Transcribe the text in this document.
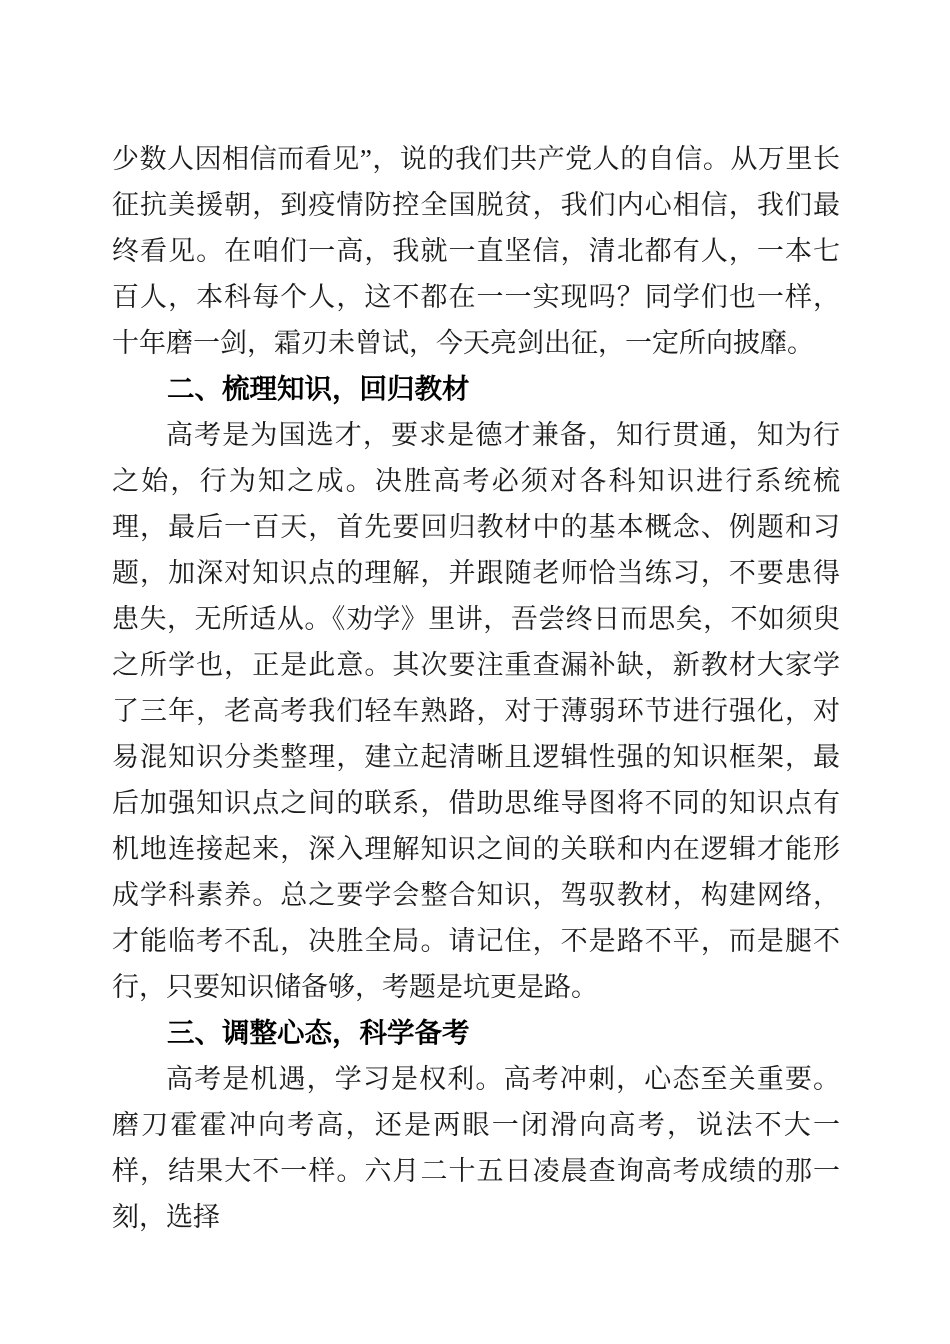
少数人因相信而看见”，说的我们共产党人的自信。从万里长征抗美援朝，到疫情防控全国脱贫，我们内心相信，我们最终看见。在咱们一高，我就一直坚信，清北都有人，一本七百人，本科每个人，这不都在一一实现吗？同学们也一样，十年磨一剑，霜刃未曾试，今天亮剑出征，一定所向披靡。

二、梳理知识，回归教材

高考是为国选才，要求是德才兼备，知行贯通，知为行之始，行为知之成。决胜高考必须对各科知识进行系统梳理，最后一百天，首先要回归教材中的基本概念、例题和习题，加深对知识点的理解，并跟随老师恰当练习，不要患得患失，无所适从。《劝学》里讲，吾尝终日而思矣，不如须臾之所学也，正是此意。其次要注重查漏补缺，新教材大家学了三年，老高考我们轻车熟路，对于薄弱环节进行强化，对易混知识分类整理，建立起清晰且逻辑性强的知识框架，最后加强知识点之间的联系，借助思维导图将不同的知识点有机地连接起来，深入理解知识之间的关联和内在逻辑才能形成学科素养。总之要学会整合知识，驾驭教材，构建网络，才能临考不乱，决胜全局。请记住，不是路不平，而是腿不行，只要知识储备够，考题是坑更是路。

三、调整心态，科学备考

高考是机遇，学习是权利。高考冲刺，心态至关重要。磨刀霍霍冲向考高，还是两眼一闭滑向高考，说法不大一样，结果大不一样。六月二十五日凌晨查询高考成绩的那一刻，选择
